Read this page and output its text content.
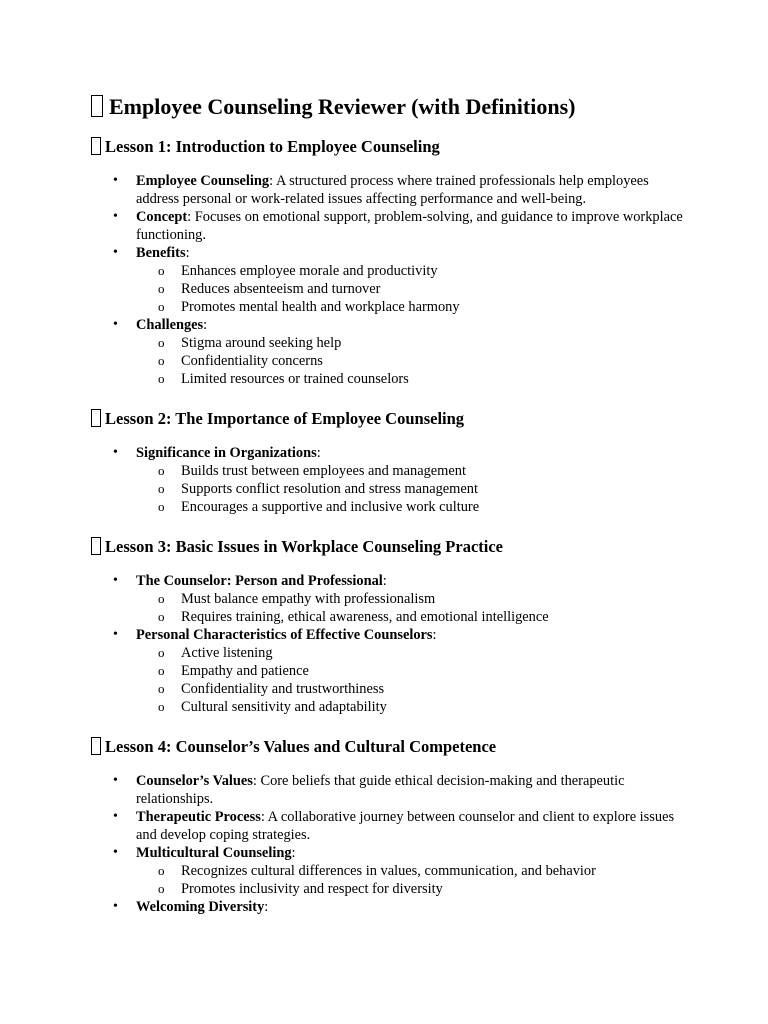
Employee Counseling Reviewer (with Definitions)
Lesson 1: Introduction to Employee Counseling
• Employee Counseling: A structured process where trained professionals help employees address personal or work-related issues affecting performance and well-being.
• Concept: Focuses on emotional support, problem-solving, and guidance to improve workplace functioning.
• Benefits:
o Enhances employee morale and productivity
o Reduces absenteeism and turnover
o Promotes mental health and workplace harmony
• Challenges:
o Stigma around seeking help
o Confidentiality concerns
o Limited resources or trained counselors
Lesson 2: The Importance of Employee Counseling
• Significance in Organizations:
o Builds trust between employees and management
o Supports conflict resolution and stress management
o Encourages a supportive and inclusive work culture
Lesson 3: Basic Issues in Workplace Counseling Practice
• The Counselor: Person and Professional:
o Must balance empathy with professionalism
o Requires training, ethical awareness, and emotional intelligence
• Personal Characteristics of Effective Counselors:
o Active listening
o Empathy and patience
o Confidentiality and trustworthiness
o Cultural sensitivity and adaptability
Lesson 4: Counselor’s Values and Cultural Competence
• Counselor’s Values: Core beliefs that guide ethical decision-making and therapeutic relationships.
• Therapeutic Process: A collaborative journey between counselor and client to explore issues and develop coping strategies.
• Multicultural Counseling:
o Recognizes cultural differences in values, communication, and behavior
o Promotes inclusivity and respect for diversity
• Welcoming Diversity:
